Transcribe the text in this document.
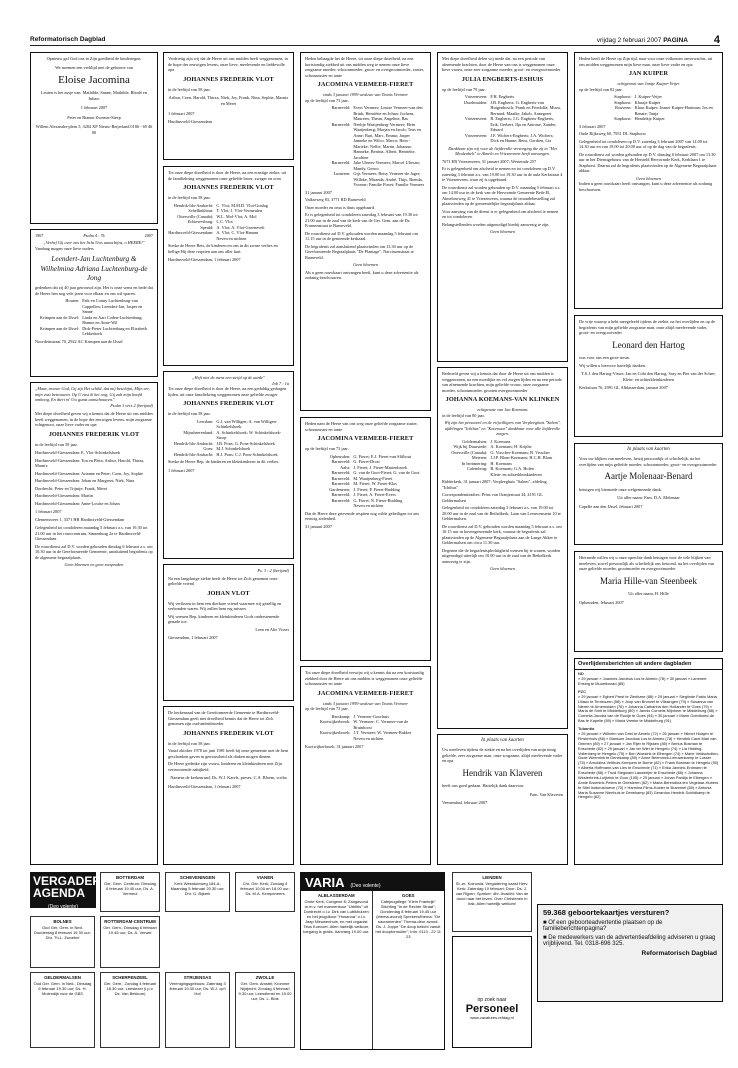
Reformatorisch Dagblad	vrijdag 2 februari 2007 PAGINA 4
Opnieuw gaf God ons in Zijn goedheid de kindertegen.
We noemen een verblijd met de geboorte van
Eloise Jacomina
Leuten is het zusje van: Mathilde, Sanne, Mathilde, Rhodé en Julian.
1 februari 2007
Peter en Bianne Zwemer-Steep
Willem Alexander-plein 5, 3284 XP Nieuw-Beijerland 0186 - 69 46 00
1967	Psalm 4 : 7b	2007
„Verhef Gij over ons het licht Uws aanschijns, o HEERE!"
Vandaag mogen onze lieve ouders
Leendert-Jan Luchtenburg & Wilhelmina Adriana Luchtenburg-de Jong
gedenken dat zij 40 jaar getrouwd zijn. Het is onze wens en bede dat de Heere hen nog vele jaren voor elkaar en ons wil sparen.
Houten: Erik en Conny Luchtenburg-van Cappellen; Leendert-Jan, Jasper en Sanne
Krimpen aan de IJssel: Linda en Aart Coden-Luchtenburg; Rianne en Anne-Wil
Krimpen aan de IJssel: Dirk-Pieter Luchtenburg en Elizabeth Lekkerkerk
Noordeinstraat 70, 2922 AC Krimpen aan de IJssel
„Maar, trouwe God, Gij zijt Het schild, dat mij beschijnt, Mijn eer, mijn vast betrouwen. Op U rust ik het oog; Gij zult mijn hoofd omhoog, En diert m' Uw gunst aanschouwen."
Psalm 3 vers 2 (berijmd)

Met diepe droefheid geven wij u kennis dat de Heere uit ons midden heeft weggenomen, in de hope des eeuwigen levens, mijn zorgzame echtgenoot, onze lieve vader en opa

JOHANNES FREDERIK VLOT

in de leeftijd van 58 jaar.

Hardinxveld-Giessendam: E. Vlot-Schinkelshoek

Hardinxveld-Giessendam: Ton en Pleta; Arthur, Harold, Thirza, Marnix

Hardinxveld-Giessendam: Arianne en Peter; Coen, Joy, Sophie

Hardinxveld-Giessendam: Johan en Margreet; Niek, Nina

Dordrecht: Peter en Trijntje; Frank, Meret

Hardinxveld-Giessendam: Martin

Hardinxveld-Giessendam: Anne-Louise en Johan

1 februari 2007

Clemensweer 1, 3371 HB Hardinxveld-Giessendam

Gelegenheid tot condoleren maandag 5 februari a.s. van 19.30 tot 21.00 uur in het rouwcentrum, Sinnenburg 2a te Hardinxveld-Giessendam.

De rouwdienst zal D.V. worden gehouden dinsdag 6 februari a.s. om 10.30 uur in de Gereformeerde Gemeente, aansluitend begrafenis op de algemene begraafplaats.

Geen bloemen en geen toespraken

Verdrietig zijn wij dat de Heere uit ons midden heeft weggenomen, in de hope des eeuwigen levens, onze lieve, meelevende en liefdevolle opa

JOHANNES FREDERIK VLOT

in de leeftijd van 58 jaar.

Arthur, Coen, Harold, Thirza, Niek, Joy, Frank, Nina, Sophie, Marnix en Meret

1 februari 2007

Hardinxveld-Giessendam

Tot onze diepe droefheid is door de Heere, na een ernstige ziekte, uit de familiekring weggenomen onze geliefde broer, zwager en oom

JOHANNES FREDERIK VLOT

in de leeftijd van 58 jaar.

Hendrik-Ido-Ambacht: C. Vlot; M.M.D. Vlot-Gonlag
Schellinkhout: T. Vlot; J. Vlot-Vermeulen
Ottersville (Canada): W.L. Mol-Vlot; A. Mol
Echteseviburg: L.C. Vlot
Speuld: A. Vlot; A. Vlot-Groenevelt
Hardinxveld-Giessendam: A. Vlot; C. Vlot-Hanum
Neven en nichten

Sterke de Heere Bets, de kinderen en ons in dit zware verlies en hellige Hij deze respiten aan ons aller hart.

Hardinxveld-Giessendam, 1 februari 2007

„Heft niet de mens een strijd op de aarde"
Job 7 : 1a

Tot onze diepe droefheid is door de Heere, na een geduldig gedragen lijden, uit onze familiekring weggenomen onze geliefde zwager

JOHANNES FREDERIK VLOT

in de leeftijd van 58 jaar.

Leerdam: G.J. van Willigen; A. van Willigen-Schinkelshoek
Mijnsheerenland: A. Schinkelshoek; W. Schinkelshoek-Stoop
Hendrik-Ido-Ambacht: J.B. Pons; G. Pons-Schinkelshoek
Goes: M.J. Schinkelshoek
Hendrik-Ido-Ambacht: H.J. Pons; C.J. Pons-Schinkelshoek

Sterke de Heere Bep, de kinderen en kleinkinderen in dit verlies.

1 februari 2007

Ps. 3 : 2 (berijmd)

Na een langdurige ziekte heeft de Heere tot Zich genomen onze geliefde vriend

JOHAN VLOT

Wij verliezen in hem een dierbare vriend waarmee wij gezellig en verbonden waren. Wij zullen hem erg missen.

Wij wensen Bep, kinderen en kleinkinderen Gods onderstenende genade toe.

Leen en Alie Visser

Giessendam, 1 februari 2007

De kerkenraad van de Gereformeerde Gemeente te Hardinxveld-Giessendam geeft met droefheid kennis dat de Heere tot Zich genomen zijn oud-ambtsbroeder

JOHANNES FREDERIK VLOT

in de leeftijd van 58 jaar.

Vanaf oktober 1978 tot juni 1981 heeft hij onze gemeente met de hem geschonken gaven in getrouwheid als diaken mogen dienen.

De Heere gedenke zijn vrouw, kinderen en kleinkinderen met Zijn vertroostende nabijheid.

Namens de kerkenraad, Ds. W.J. Karels, preses; C.A. Bloem, scriba

Hardinxveld-Giessendam, 1 februari 2007

Heden behaagde het de Heere, tot onze diepe droefheid, na een kortstondig ziekbed uit ons midden weg te nemen onze lieve zorgzame moeder, schoonmoeder, groot- en overgrootmoeder, zuster, schoonzuster en tante

JACOMINA VERMEER-FIERET
sinds 3 januari 1999 weduwe van Teunis Vermeer

op de leeftijd van 73 jaar.

Barneveld: Evert Vermeer; Louise Vermeer-van den Brink; Henriëtte en Johan; Jochem, Maureen; Theun, Angeline, Bas
Barneveld: Neeltje Waaijenberg-Vermeer; Hein Waaijenberg; Marjan en Jacob; Teus en Anne; Bart, Marc, Emma; Jasper
Janneke en Wilco, Marco; Hein - Marieke; Nellie, Martin, Johanna; Hanneke, Bertina, Albert, Henriëtte, Jacobine
Barneveld: Jake Ulenes-Vermeer; Marcel Uliesan; Mandy, Genco
Lunteren: Gijs Vermeer; Betsy Vermeer-de Jager; Willeke, Miranda, André, Thijs, Brenda, Yvonne; Familie Fieret; Familie Vermeer

31 januari 2007

Valkseweg 83, 3771 RD Barneveld

Onze moeder en oma is thuis opgebaard.

Er is gelegenheid tot condoleren zaterdag 3 februari van 19.30 tot 21.00 uur in de zaal van de kerk van de Ger. Gem. aan de Ds. Fransenstraat te Barneveld.

De rouwdienst zal D.V. gehouden worden maandag 5 februari om 11.15 uur in de genoemde kerkzaal.

De begrafenis zal aansluitend plaatsvinden om 13.30 uur op de Gereformeerde Begraafplaats "De Plantage", Narcissenstraat te Barneveld.

Geen bloemen

Als u geen rouwkaart ontvangen heeft, kunt u deze advertentie als zodanig beschouwen.

Heden nam de Heere van ons weg onze geliefde zorgzame zuster, schoonzuster en tante

JACOMINA VERMEER-FIERET

op de leeftijd van 73 jaar.

Opheusden: G. Fieret; E.J. Fieret-van Slifhout
Barneveld: G. Fieret-Drost
Aalst: J. Fieret; J. Fieret-Mastenbroek
Barneveld: G. van de Goot-Fieret; G. van de Goot
Barneveld: M. Waaijenberg-Fieret
Barneveld: M. Fieret; W. Fieret-Klos
Gardeneren: J. Fieret; P. Fieret-Budding
Barneveld: J. Fieret; A. Fieret-Evers
Barneveld: G. Fieret; N. Fieret-Budding
Neven en nichten

Dat de Heere deze grievende respiten nog wilde geheiligen tot ons eeuwig zielenheil.

31 januari 2007

Tot onze diepe droefheid verwijst wij u kennis dat na een kortstondig ziekbed door de Heere uit ons midden is weggenomen onze geliefde schoonzuster en tante

JACOMINA VERMEER-FIERET
sinds 3 januari 1999 weduwe van Teunis Vermeer

op de leeftijd van 73 jaar.

Harskamp: J. Vermeer-Goorhuis
Kootwijkerbroek: W. Vermeer; C. Vermeer-van de Bruinhorst
Kootwijkerbroek: J.T. Vermeer; W. Vermeer-Bakker
Neven en nichten

Kootwijkerbroek, 31 januari 2007

Met diepe droefheid delen wij mede dat, na een periode van afnemende krachten, door de Heere van ons is weggenomen onze lieve vrouw, onze zeer zorgzame moeder, groot- en overgrootmoeder

JULIA ENGBERTS-ESHUIS

op de leeftijd van 79 jaar.

Vriezenveen: F.H. Engberts
IJsselmuiden: J.B. Engberts; G. Engberts-van Huigenbosch; Frank en Friedolfa; Mirza, Bernard; Maaike, Jakob, Annegreet
Vriezenveen: B. Engberts; J.G. Engberts-Engberts; Erik, Gerbert, Ilja en Antoine, Xander, Eduard
Vriezenveen: J.F. Wichers-Engberts; J.A. Wichers; Dick en Hanne; Betsi, Gerdien, Lia
Dankbaar zijn wij voor de liefdevolle verzorging die zij in "Het Meulenbelt" te Almelo en Vriezenveen heeft ontvangen.

7671 EB Vriezenveen, 31 januari 2007; Westeinde 257

Er is gelegenheid om afscheid te nemen en tot condoleren op D.V. zaterdag 3 februari a.s. van 19.00 tot 19.30 uur in de aula Kerkstraat 4 te Vriezenveen, waar zij is opgebaard.

De rouwdienst zal worden gehouden op D.V. maandag 5 februari a.s. om 14.00 uur in de kerk van de Hervormde Gemeente Beth-El, Almeloseweg 41 te Vriezenveen, waarna de teraardebestelling zal plaatsvinden op de gemeentelijke begraafplaats aldaar.

Voor aanvang van de dienst is er gelegenheid om afscheid te nemen en tot condoleren.

Belangstellenden worden uitgenodigd hierbij aanwezig te zijn.

Geen bloemen

Bedroefd geven wij u kennis dat door de Heere uit ons midden is weggenomen, na een moeilijke en vol zorgen lijden en na een periode van afnemende krachten, mijn geliefde vrouw, onze zorgzame moeder, schoonmoeder, grooten overgrootmoeder

JOHANNA KOEMANS-VAN KLINKEN
echtgenote van Jan Koemans

in de leeftijd van 80 jaar.

Wij zijn het personeel en de vrijwilligers van Verpleeghuis "Salem", afdelingen "Ichthus" en "Koornaar" dankbaar voor alle liefdevolle zorgen.
Goldermalsen: J. Koemans
Wijk bij Duurstede: A. Koemans; H. Krijthe
Ottersville (Canada): G. Visscher-Koemans; B. Visscher
Meteren: J.J.P. Blom-Koemans; H.C.H. Blom
In herinnering: H. Koemans
Culemborg: B. Koemans; G.A. Holen
Klein- en achterkleinkinderen

Ridderkerk, 31 januari 2007; Verpleeghuis "Salem", afdeling "Ichthus"

Correspondentieadres: Prins van Oranjestraat 34, 4191 GL Geldermalsen

Gelegenheid tot condoleren zaterdag 3 februari a.s. van 19.00 tot 20.00 uur in de zaal van de Bethelkerk, Laan van Leeuwenstein 10 te Geldermalsen.

De rouwdienst zal D.V. gehouden worden maandag 5 februari a.s. om 10.15 uur in bovengenoemde kerk, waarna de begrafenis zal plaatsvinden op de Algemene Begraafplaats aan de Lange Akker te Geldermalsen om circa 11.30 uur.

Degenen die de begrafenisplechtigheid wensen bij te wonen, worden uitgenodigd uiterlijk om 10.00 uur in de zaal van de Bethelkerk aanwezig te zijn.

Geen bloemen
In plaats van kaarten

Uw meeleven tijdens de ziekte en na het overlijden van mijn innig geliefde, zeer zorgzame man, onze zorgzame, altijd meelevende vader en opa

Hendrik van Klaveren

heeft ons goed gedaan. Hartelijk dank daarvoor.

Fam. Van Klaveren

Veenendaal, februari 2007

Heden heeft de Heere op Zijn tijd, naar voor onze volkomen onverwachts, uit ons midden weggenomen mijn lieve man, onze lieve vader en opa

JAN KUIPER
echtgenoot van Jantje Kuiper-Veijer

op de leeftijd van 82 jaar.

Staphorst: J. Kuiper-Veijer
Staphorst: Klaasje Kuiper
Rouveen: Klaas Kuiper; Jeanet Kuiper-Hartman; Jos en Renate; Tanja
Staphorst: Hendrikje Kuiper

3 februari 2007

Oude Rijksweg 60, 7951 DL Staphorst

Gelegenheid tot condoleren op D.V. zaterdag 3 februari 2007 van 14.00 tot 14.30 uur en van 19.00 tot 20.00 uur of op de dag van de begrafenis.

De rouwdienst zal worden gehouden op D.V. dinsdag 6 februari 2007 om 13.30 uur in het Dienstgebouw van de Hersteld Hervormde Kerk, Kerklaan 1 te Staphorst. Daarna zal de begrafenis plaatsvinden op de Algemene Begraafplaats aldaar.

Geen bloemen

Indien u geen rouwkaart heeft ontvangen, kunt u deze advertentie als zodanig beschouwen.

De vrije waarop u hebt meegeleefd tijdens de ziekte, na het overlijden en op de begrafenis van mijn geliefde zorgzame man, onze altijd meelevende vader, groot- en overgrootvader

Leonard den Hartog

was voor ons een grote steun.

Wij willen u hiervoor hartelijk danken.

T.S.J. den Hartog-Visser; Jan en Cobi den Hartog; Sary en Piet van der Schee; Klein- en achterkleinkinderen

Kerkstraat 76, 2991 GL Alblasserdam, januari 2007

In plaats van kaarten

Voor uw blijken van meeleven, hetzij persoonlijk of schriftelijk, na het overlijden van mijn geliefde moeder, schoonmoeder, groot- en overgrootmoeder

Aartje Molenaar-Benard

betuigen wij hiermede onze welgemeende dank.

Uit aller naam: Fam. D.A. Molenaar

Capelle aan den IJssel, februari 2007

Hiermede willen wij u onze oprechte dank betuigen voor de vele blijken van meeleven, zowel persoonlijk als schriftelijk ons betoond, na het overlijden van onze geliefde moeder, grootmoeder en overgrootmoeder

Maria Hille-van Steenbeek

Uit aller naam, H. Hille

Opheusden, februari 2007

Overlijdensberichten uit andere dagbladen
ND
» 29 januari » Joannes Jacobus Los te Almelo (78) » 30 januari » Lammert Ensing te Muuelkunad (85)
PZC
» 29 januari » Egbert Prest te Zierikzee (88) » 29 januari » Sieglinde Fabio Maria Lillaux te Terneuzen (58) » Joop van Bronzel te Vlissingen (79) » Susanna van Nieren te Arnemuiden (76) » Johanna Catharina den Hollander te Goes (79) » Maria de Smit te Middelburg (80) » Jannis Cornelis Mijnheer te Middelburg (88) » Cornelia Jacoba van de Rooije te Goes (94) » 30 januari » Marin Goedhoed-de Bas te Kapelle (89) » Maria Vreeke te Middelburg (91)
Tubantia
» 25 januari » Wilhelm van Driel te Almelo (72) » 26 januari » Hilmet Huisjen te Finsterhuis (88) » Mansum Jacobus Los te Almelo (78) » Hendrik Carel Mari van Ommen (89) » 27 januari » Jan Rijer te Rijssen (85) » Bertus Bosman te Enschede (82) » 29 januari » Jan ter Wiel te Hengelo (74) » Lia Hidding-Vollenberg te Hengelo (75) » Ben Woesink te Elbergen (74) » Marie Veldscholten-Oude Weernink te Denekamp (89) » Anne Beerninck-Leeuwinkamp te Losser (75) » Arnoldina Velthuis-Kempers te Borne (82) » Frank Bosman te Hengelo (50) » Alberta Hoffmann-van Lies te Enschede (71) » Erika Jannink-Erdmann te Enschede (86) » Trudi Siegward Lauwerijer te Enschede (66) » Johanna Westerbrink-Luijkrink te Goor (105) » 29 januari » Johan Pardijs te Elbergen » Annie Broenink-Peters te Geesteren (62) » Maria Berendina ten Vegelaar-Hubers te Stiel Isidorushoeve (70) » Harmina Flims-Kolder te Brammel (89) » Antonia Maria Susanne Nienhuis te Denekamp (83) Gerardus Hendrik Schildkamp te Hengelo (62)
VERGADER-
AGENDA
(Deo volente)
BOTTERDAM
Ger. Gem. Centrum; Dinsdag 6 februari 19.45 uur; Ds. A. Vermeul
SCHEVENINGEN
Kerk Westduinweg 184-A; Maandag 5 februari 20.30 uur; Dhr. G. Bijkerk
VIANEN
Chr. Ger. Kerk; Zondag 4 februari 10.00 en 18.00 uur; Ds. M.A. Kempeneers
BOLNES
Oud Ger. Gem. in Ned. Donderdag 8 februari 19.30 uur; Dhr. Th.L. Zwoebel
ROTTERDAM-CENTRUM
Ger. Gem.; Dinsdag 6 februari 19.45 uur; Ds. A. Verwei
GELDERMALSEN
Oud Ger. Gem. in Ned.; Dinsdag 6 februari 19.30 uur; Ds. H. Molendijk voor de GBS
SCHERPENZEEL
Ger. Gem.; Zondag 4 februari 18.30 uur; Leeslezer (i.p.v. Ds. Van Bekkum)
STRIJENSAS
Verenigingsgebouw; Zaterdag 3 februari 19.30 uur; Ds. W.J. op't Hof
ZWOLLE
Ger. Gem. Amstel; Kromme Nijdjecht; Zondag 4 februari 9.30 uur; Leesdienst en 15.00 uur; Ds. L. Blok
VARIA (Deo volente)
ALBLASSERDAM
Grote Kerk, Cortgene 8; Zangavond m.m.v. het mannenkoor "Urbiltis" uit Dordrecht o.l.v. Dirk van Luttikhuizen en het jeugdkoor "Hosanna" o.l.v. Jaap Nieuwenhuis, en met organist Titus Koevoet. Allen hartelijk welkom, toegang is gratis. Aanvang 19.00 uur.
GOES
Cafejeugdlege "Klein Frankrijk" Stichting "In de Rechte Straat"; Donderdag 8 februari 19.45 uur (thema-avond) Sprekers/thema: "De sacramenten" Thema-deur avond: Ds. J. Joppe "De doop belicht vanuit het doopformulier"; Info: 0113 - 22 11 23
LIENDEN
St.-er. Koinonia, Vergadering naast Herv. Kerk; Zaterdag 10 februari; Door: Ds. J. van Rijpen; Spreker: dhr. Avakthi; Van de dood naar het leven. Over Christenen in Irak; Allen hartelijk welkom!
59.368 geboortekaartjes versturen?
■ Of een geboorteadvertentie plaatsen op de familieberichtenpagina?
■ De medewerkers van de advertentieafdeling adviseren u graag vrijblijvend. Tel. 0318-696 325.
Reformatorisch Dagblad
op zoek naar
Personeel
www.vacatures.refdag.nl
